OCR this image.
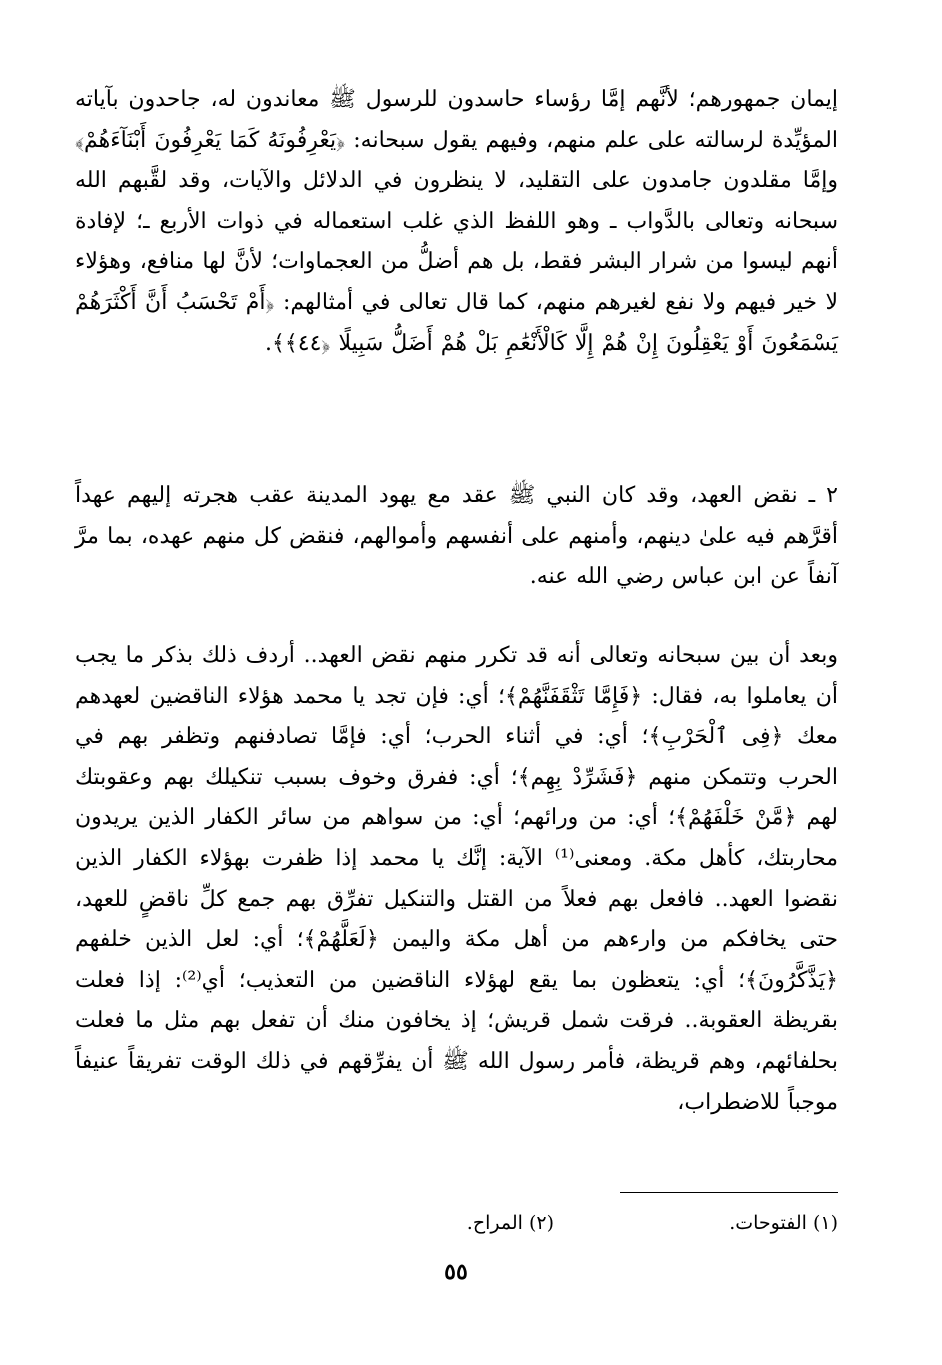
إيمان جمهورهم؛ لأنَّهم إمَّا رؤساء حاسدون للرسول ﷺ معاندون له، جاحدون بآياته المؤيِّدة لرسالته على علم منهم، وفيهم يقول سبحانه: ﴿يَعْرِفُونَهُ كَمَا يَعْرِفُونَ أَبْنَآءَهُمْ﴾ وإمَّا مقلدون جامدون على التقليد، لا ينظرون في الدلائل والآيات، وقد لقَّبهم الله سبحانه وتعالى بالدَّواب ـ وهو اللفظ الذي غلب استعماله في ذوات الأربع ـ؛ لإفادة أنهم ليسوا من شرار البشر فقط، بل هم أضلُّ من العجماوات؛ لأنَّ لها منافع، وهؤلاء لا خير فيهم ولا نفع لغيرهم منهم، كما قال تعالى في أمثالهم: ﴿أَمْ تَحْسَبُ أَنَّ أَكْثَرَهُمْ يَسْمَعُونَ أَوْ يَعْقِلُونَ إِنْ هُمْ إِلَّا كَالْأَنْعَٰمِ بَلْ هُمْ أَضَلُّ سَبِيلًا ﴿٤٤﴾﴾.

٢ ـ نقض العهد، وقد كان النبي ﷺ عقد مع يهود المدينة عقب هجرته إليهم عهداً أقرَّهم فيه علىٰ دينهم، وأمنهم على أنفسهم وأموالهم، فنقض كل منهم عهده، بما مرَّ آنفاً عن ابن عباس رضي الله عنه.

وبعد أن بين سبحانه وتعالى أنه قد تكرر منهم نقض العهد.. أردف ذلك بذكر ما يجب أن يعاملوا به، فقال: ﴿فَإِمَّا تَثْقَفَنَّهُمْ﴾؛ أي: فإن تجد يا محمد هؤلاء الناقضين لعهدهم معك ﴿فِى ٱلْحَرْبِ﴾؛ أي: في أثناء الحرب؛ أي: فإمَّا تصادفنهم وتظفر بهم في الحرب وتتمكن منهم ﴿فَشَرِّدْ بِهِم﴾؛ أي: ففرق وخوف بسبب تنكيلك بهم وعقوبتك لهم ﴿مَّنْ خَلْفَهُمْ﴾؛ أي: من ورائهم؛ أي: من سواهم من سائر الكفار الذين يريدون محاربتك، كأهل مكة. ومعنى⁽¹⁾ الآية: إنَّك يا محمد إذا ظفرت بهؤلاء الكفار الذين نقضوا العهد.. فافعل بهم فعلاً من القتل والتنكيل تفرِّق بهم جمع كلِّ ناقضٍ للعهد، حتى يخافكم من وارءهم من أهل مكة واليمن ﴿لَعَلَّهُمْ﴾؛ أي: لعل الذين خلفهم ﴿يَذَّكَّرُونَ﴾؛ أي: يتعظون بما يقع لهؤلاء الناقضين من التعذيب؛ أي⁽²⁾: إذا فعلت بقريظة العقوبة.. فرقت شمل قريش؛ إذ يخافون منك أن تفعل بهم مثل ما فعلت بحلفائهم، وهم قريظة، فأمر رسول الله ﷺ أن يفرِّقهم في ذلك الوقت تفريقاً عنيفاً موجباً للاضطراب،

(١) الفتوحات.
(٢) المراح.
٥٥
